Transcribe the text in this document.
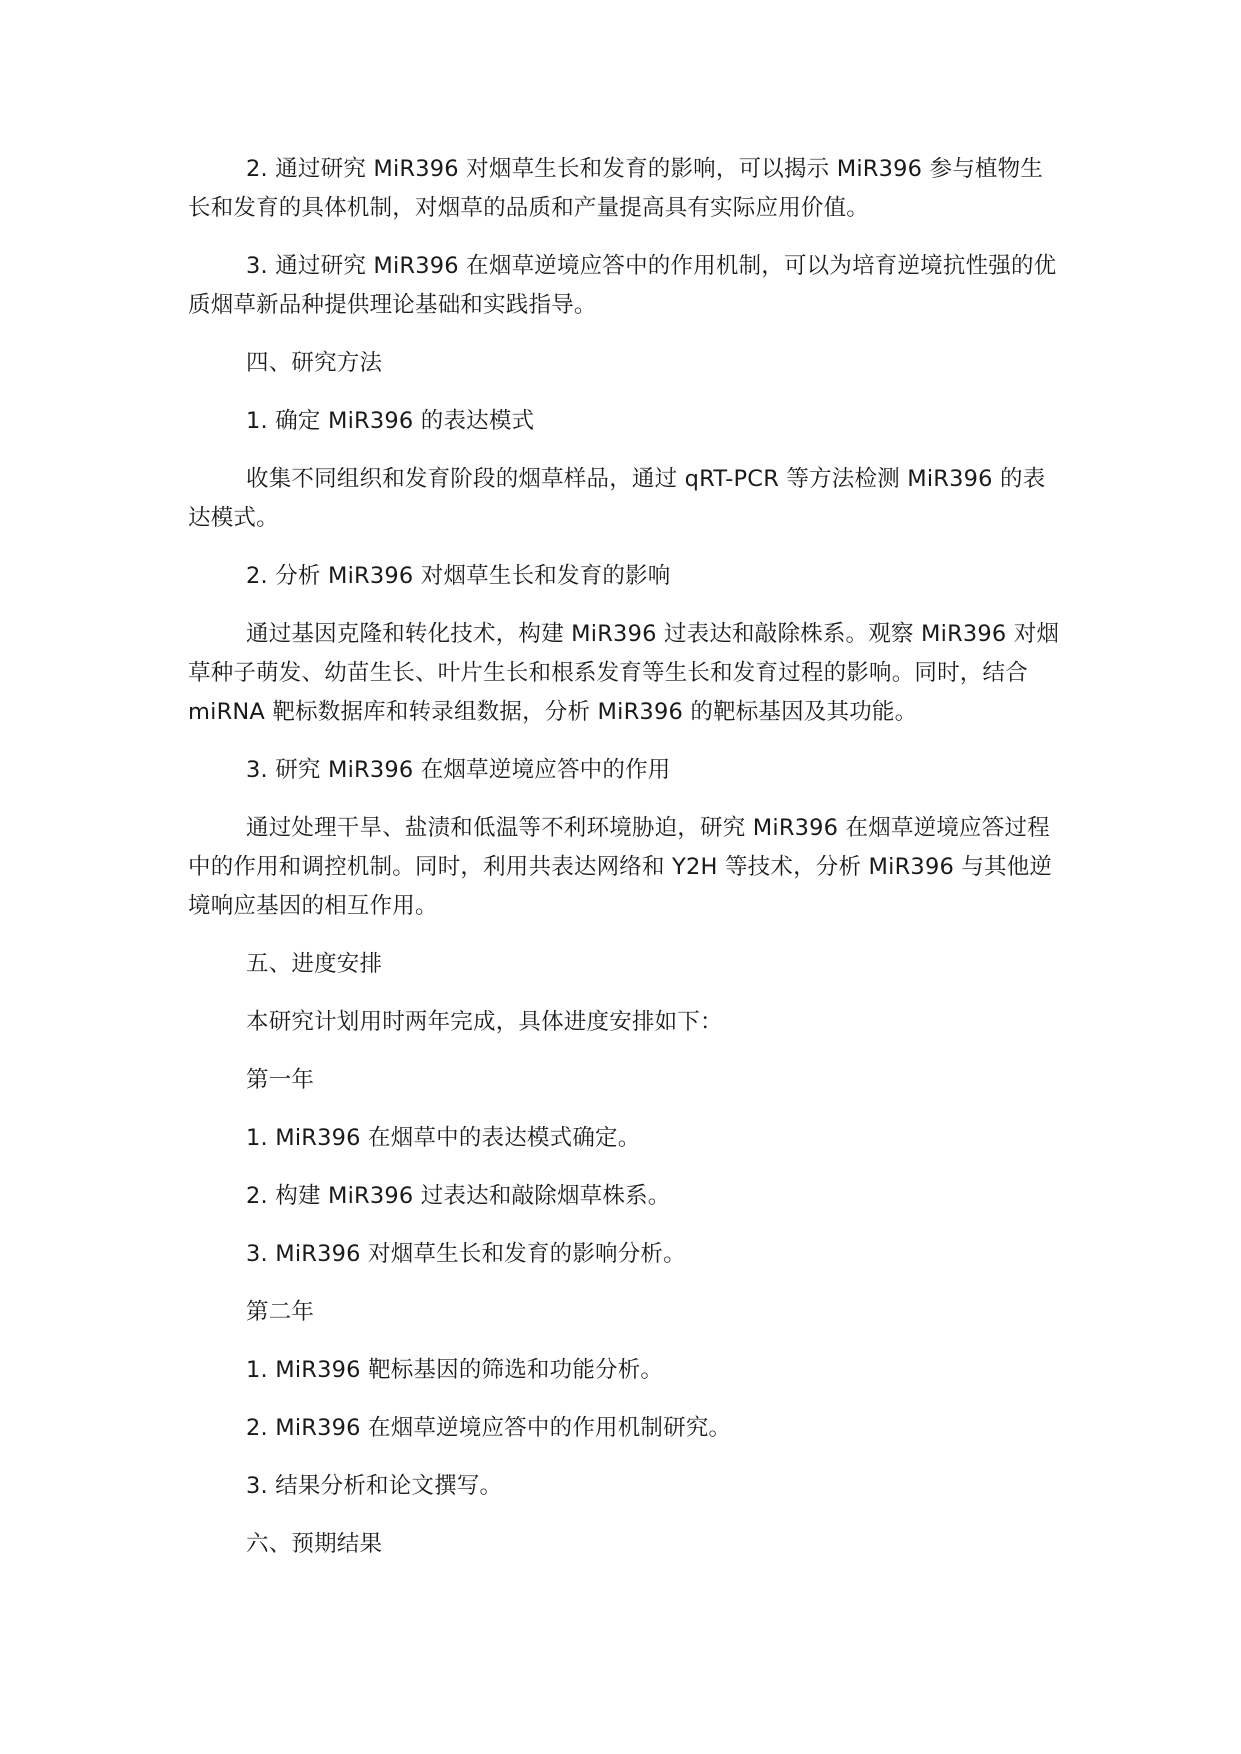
2. 通过研究 MiR396 对烟草生长和发育的影响，可以揭示 MiR396 参与植物生长和发育的具体机制，对烟草的品质和产量提高具有实际应用价值。

3. 通过研究 MiR396 在烟草逆境应答中的作用机制，可以为培育逆境抗性强的优质烟草新品种提供理论基础和实践指导。

四、研究方法

1. 确定 MiR396 的表达模式

收集不同组织和发育阶段的烟草样品，通过 qRT-PCR 等方法检测 MiR396 的表达模式。

2. 分析 MiR396 对烟草生长和发育的影响

通过基因克隆和转化技术，构建 MiR396 过表达和敲除株系。观察 MiR396 对烟草种子萌发、幼苗生长、叶片生长和根系发育等生长和发育过程的影响。同时，结合 miRNA 靶标数据库和转录组数据，分析 MiR396 的靶标基因及其功能。

3. 研究 MiR396 在烟草逆境应答中的作用

通过处理干旱、盐渍和低温等不利环境胁迫，研究 MiR396 在烟草逆境应答过程中的作用和调控机制。同时，利用共表达网络和 Y2H 等技术，分析 MiR396 与其他逆境响应基因的相互作用。

五、进度安排

本研究计划用时两年完成，具体进度安排如下：

第一年

1. MiR396 在烟草中的表达模式确定。

2. 构建 MiR396 过表达和敲除烟草株系。

3. MiR396 对烟草生长和发育的影响分析。

第二年

1. MiR396 靶标基因的筛选和功能分析。

2. MiR396 在烟草逆境应答中的作用机制研究。

3. 结果分析和论文撰写。

六、预期结果
